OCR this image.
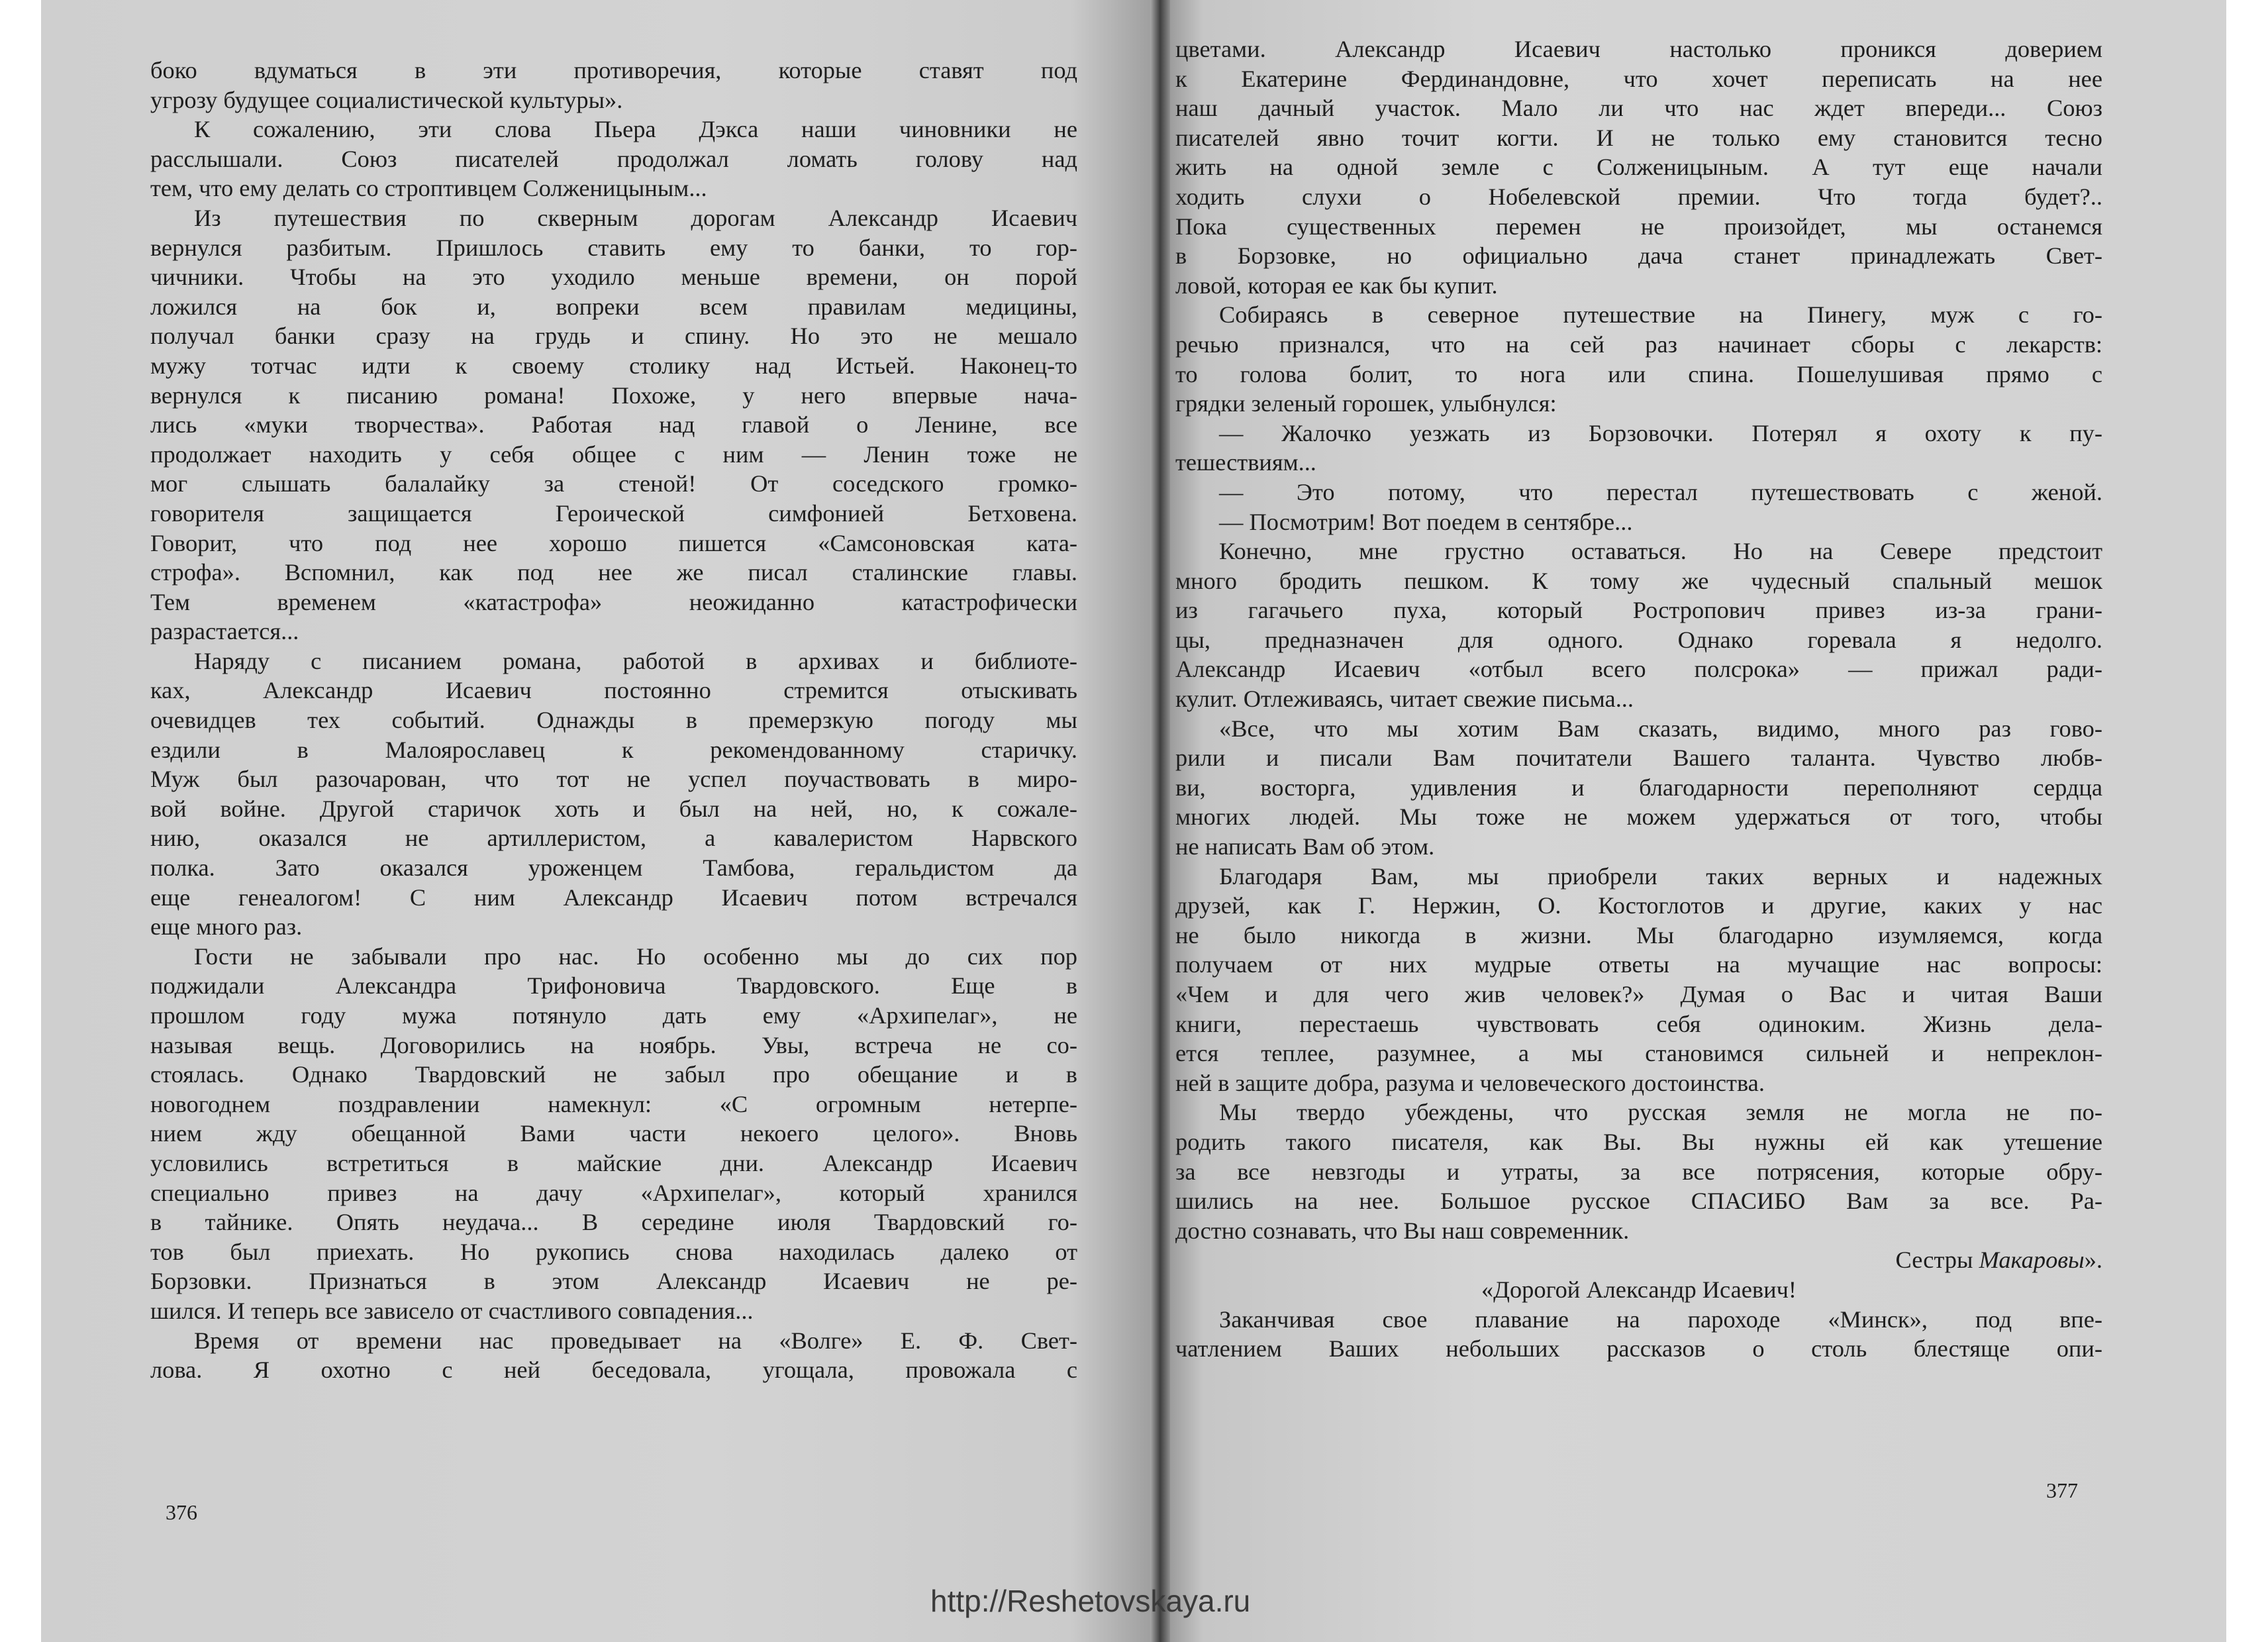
боко вдуматься в эти противоречия, которые ставят под
угрозу будущее социалистической культуры».
К сожалению, эти слова Пьера Дэкса наши чиновники не
расслышали. Союз писателей продолжал ломать голову над
тем, что ему делать со строптивцем Солженицыным...
Из путешествия по скверным дорогам Александр Исаевич
вернулся разбитым. Пришлось ставить ему то банки, то гор-
чичники. Чтобы на это уходило меньше времени, он порой
ложился на бок и, вопреки всем правилам медицины,
получал банки сразу на грудь и спину. Но это не мешало
мужу тотчас идти к своему столику над Истьей. Наконец-то
вернулся к писанию романа! Похоже, у него впервые нача-
лись «муки творчества». Работая над главой о Ленине, все
продолжает находить у себя общее с ним — Ленин тоже не
мог слышать балалайку за стеной! От соседского громко-
говорителя защищается Героической симфонией Бетховена.
Говорит, что под нее хорошо пишется «Самсоновская ката-
строфа». Вспомнил, как под нее же писал сталинские главы.
Тем временем «катастрофа» неожиданно катастрофически
разрастается...
Наряду с писанием романа, работой в архивах и библиоте-
ках, Александр Исаевич постоянно стремится отыскивать
очевидцев тех событий. Однажды в премерзкую погоду мы
ездили в Малоярославец к рекомендованному старичку.
Муж был разочарован, что тот не успел поучаствовать в миро-
вой войне. Другой старичок хоть и был на ней, но, к сожале-
нию, оказался не артиллеристом, а кавалеристом Нарвского
полка. Зато оказался уроженцем Тамбова, геральдистом да
еще генеалогом! С ним Александр Исаевич потом встречался
еще много раз.
Гости не забывали про нас. Но особенно мы до сих пор
поджидали Александра Трифоновича Твардовского. Еще в
прошлом году мужа потянуло дать ему «Архипелаг», не
называя вещь. Договорились на ноябрь. Увы, встреча не со-
стоялась. Однако Твардовский не забыл про обещание и в
новогоднем поздравлении намекнул: «С огромным нетерпе-
нием жду обещанной Вами части некоего целого». Вновь
условились встретиться в майские дни. Александр Исаевич
специально привез на дачу «Архипелаг», который хранился
в тайнике. Опять неудача... В середине июля Твардовский го-
тов был приехать. Но рукопись снова находилась далеко от
Борзовки. Признаться в этом Александр Исаевич не ре-
шился. И теперь все зависело от счастливого совпадения...
Время от времени нас проведывает на «Волге» Е. Ф. Свет-
лова. Я охотно с ней беседовала, угощала, провожала с
цветами. Александр Исаевич настолько проникся доверием
к Екатерине Фердинандовне, что хочет переписать на нее
наш дачный участок. Мало ли что нас ждет впереди... Союз
писателей явно точит когти. И не только ему становится тесно
жить на одной земле с Солженицыным. А тут еще начали
ходить слухи о Нобелевской премии. Что тогда будет?..
Пока существенных перемен не произойдет, мы останемся
в Борзовке, но официально дача станет принадлежать Свет-
ловой, которая ее как бы купит.
Собираясь в северное путешествие на Пинегу, муж с го-
речью признался, что на сей раз начинает сборы с лекарств:
то голова болит, то нога или спина. Пошелушивая прямо с
грядки зеленый горошек, улыбнулся:
— Жалочко уезжать из Борзовочки. Потерял я охоту к пу-
тешествиям...
— Это потому, что перестал путешествовать с женой.
— Посмотрим! Вот поедем в сентябре...
Конечно, мне грустно оставаться. Но на Севере предстоит
много бродить пешком. К тому же чудесный спальный мешок
из гагачьего пуха, который Ростропович привез из-за грани-
цы, предназначен для одного. Однако горевала я недолго.
Александр Исаевич «отбыл всего полсрока» — прижал ради-
кулит. Отлеживаясь, читает свежие письма...
«Все, что мы хотим Вам сказать, видимо, много раз гово-
рили и писали Вам почитатели Вашего таланта. Чувство любв-
ви, восторга, удивления и благодарности переполняют сердца
многих людей. Мы тоже не можем удержаться от того, чтобы
не написать Вам об этом.
Благодаря Вам, мы приобрели таких верных и надежных
друзей, как Г. Нержин, О. Костоглотов и другие, каких у нас
не было никогда в жизни. Мы благодарно изумляемся, когда
получаем от них мудрые ответы на мучащие нас вопросы:
«Чем и для чего жив человек?» Думая о Вас и читая Ваши
книги, перестаешь чувствовать себя одиноким. Жизнь дела-
ется теплее, разумнее, а мы становимся сильней и непреклон-
ней в защите добра, разума и человеческого достоинства.
Мы твердо убеждены, что русская земля не могла не по-
родить такого писателя, как Вы. Вы нужны ей как утешение
за все невзгоды и утраты, за все потрясения, которые обру-
шились на нее. Большое русское СПАСИБО Вам за все. Ра-
достно сознавать, что Вы наш современник.
Сестры Макаровы».
«Дорогой Александр Исаевич!
Заканчивая свое плавание на пароходе «Минск», под впе-
чатлением Ваших небольших рассказов о столь блестяще опи-
376
377
http://Reshetovskaya.ru
